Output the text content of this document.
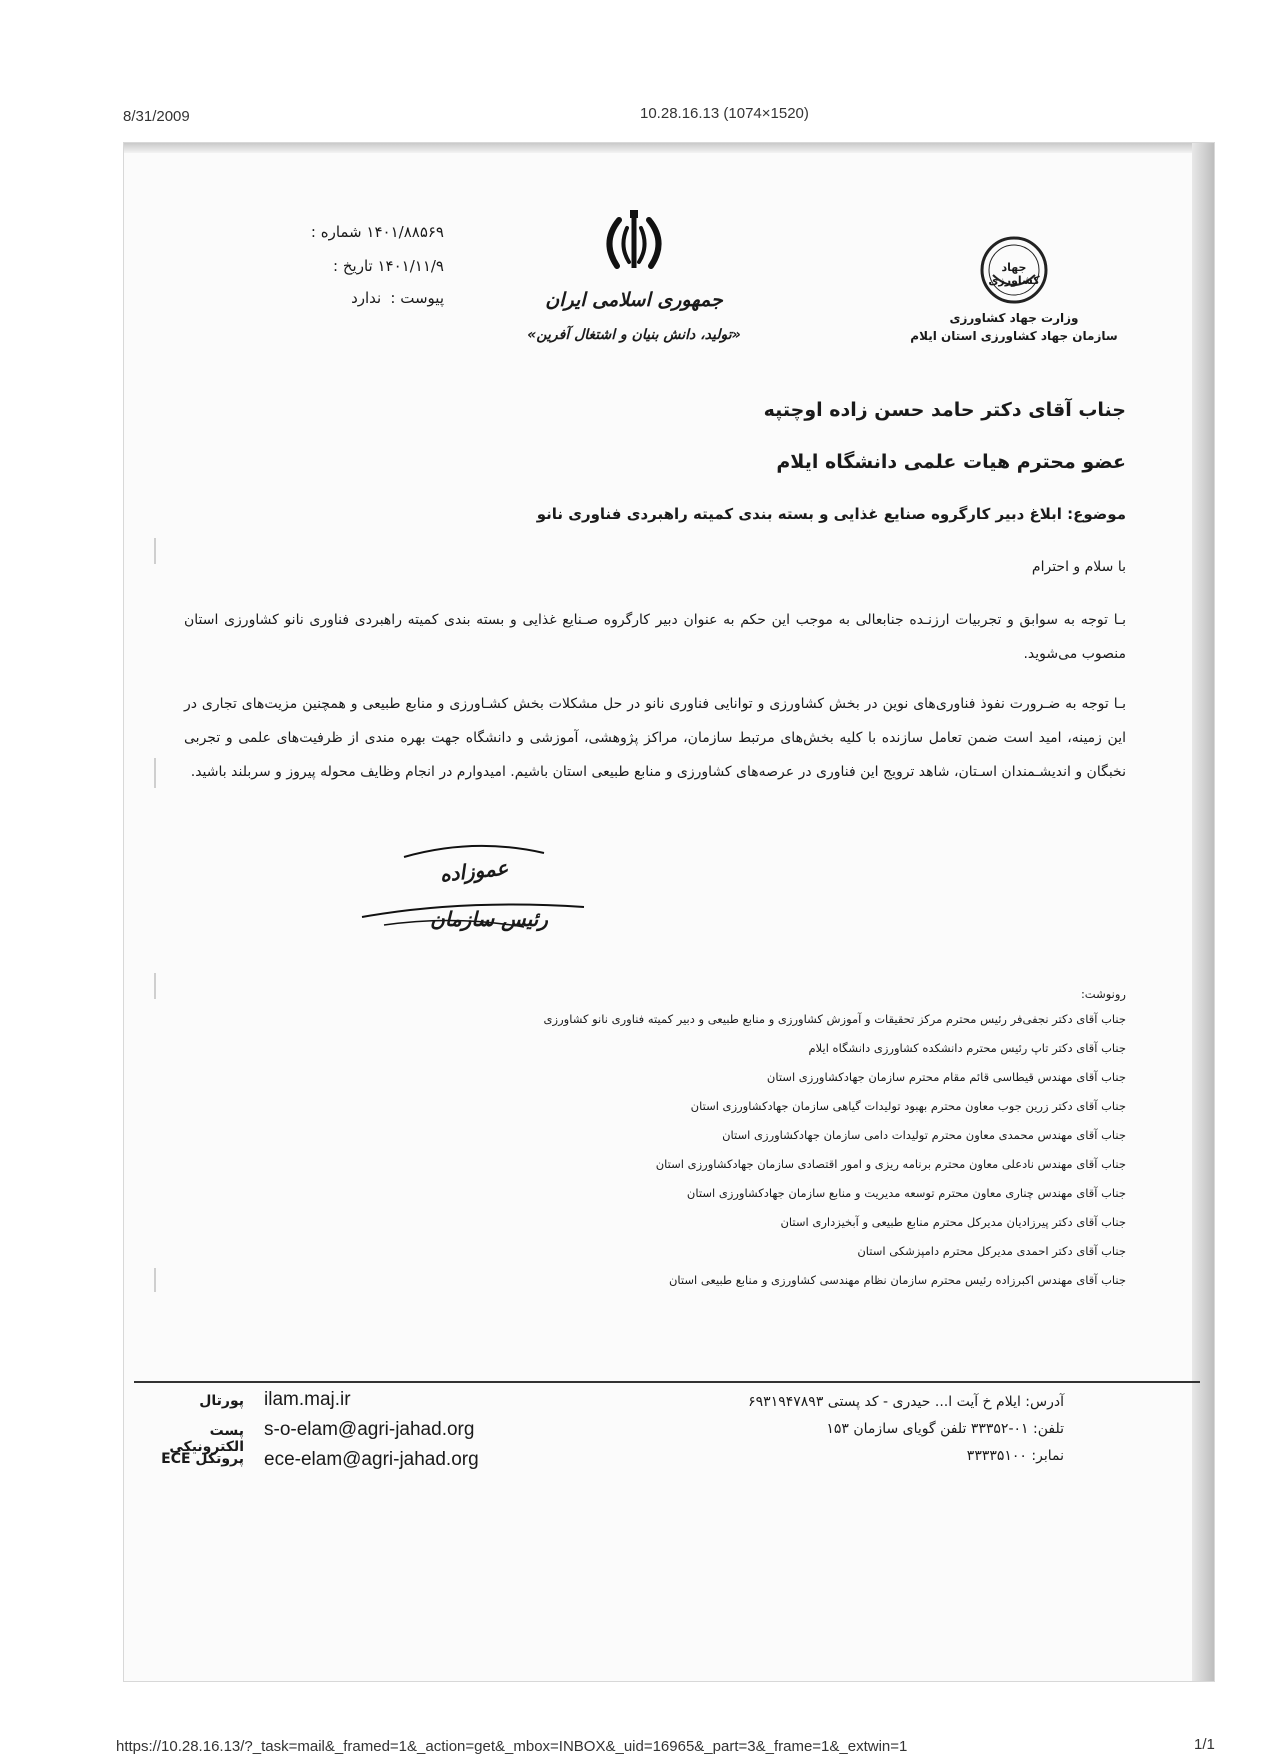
8/31/2009	10.28.16.13 (1074×1520)
جهاد کشاورزی
وزارت جهاد کشاورزی
سازمان جهاد کشاورزی استان ایلام
جمهوری اسلامی ایران
«تولید، دانش بنیان و اشتغال آفرین»
شماره : ۱۴۰۱/۸۸۵۶۹
تاریخ : ۱۴۰۱/۱۱/۹
پیوست : ندارد
جناب آقای دکتر حامد حسن زاده اوچتپه
عضو محترم هیات علمی دانشگاه ایلام
موضوع: ابلاغ دبیر کارگروه صنایع غذایی و بسته بندی کمیته راهبردی فناوری نانو
با سلام و احترام
بـا توجه به سوابق و تجربیات ارزنـده جنابعالی به موجب این حکم به عنوان دبیر کارگروه صـنایع غذایی و بسته بندی کمیته راهبردی فناوری نانو کشاورزی استان منصوب می‌شوید.
بـا توجه به ضـرورت نفوذ فناوری‌های نوین در بخش کشاورزی و توانایی فناوری نانو در حل مشکلات بخش کشـاورزی و منابع طبیعی و همچنین مزیت‌های تجاری در این زمینه، امید است ضمن تعامل سازنده با کلیه بخش‌های مرتبط سازمان، مراکز پژوهشی، آموزشی و دانشگاه جهت بهره مندی از ظرفیت‌های علمی و تجربی نخبگان و اندیشـمندان اسـتان، شاهد ترویج این فناوری در عرصه‌های کشاورزی و منابع طبیعی استان باشیم. امیدوارم در انجام وظایف محوله پیروز و سربلند باشید.
عموزاده
رئیس سازمان
رونوشت:
جناب آقای دکتر نجفی‌فر رئیس محترم مرکز تحقیقات و آموزش کشاورزی و منابع طبیعی و دبیر کمیته فناوری نانو کشاورزی
جناب آقای دکتر تاپ رئیس محترم دانشکده کشاورزی دانشگاه ایلام
جناب آقای مهندس قیطاسی قائم مقام محترم سازمان جهادکشاورزی استان
جناب آقای دکتر زرین جوب معاون محترم بهبود تولیدات گیاهی سازمان جهادکشاورزی استان
جناب آقای مهندس محمدی معاون محترم تولیدات دامی سازمان جهادکشاورزی استان
جناب آقای مهندس نادعلی معاون محترم برنامه ریزی و امور اقتصادی سازمان جهادکشاورزی استان
جناب آقای مهندس چناری معاون محترم توسعه مدیریت و منابع سازمان جهادکشاورزی استان
جناب آقای دکتر پیرزادیان مدیرکل محترم منابع طبیعی و آبخیزداری استان
جناب آقای دکتر احمدی مدیرکل محترم دامپزشکی استان
جناب آقای مهندس اکبرزاده رئیس محترم سازمان نظام مهندسی کشاورزی و منابع طبیعی استان
ilam.maj.ir
پورتال
s-o-elam@agri-jahad.org
پست الکترونیکی
ece-elam@agri-jahad.org
پروتکل ECE
آدرس: ایلام خ آیت ا... حیدری - کد پستی ۶۹۳۱۹۴۷۸۹۳
تلفن: ۰۱-۳۳۳۵۲ تلفن گویای سازمان ۱۵۳
نمابر: ۳۳۳۳۵۱۰۰
https://10.28.16.13/?_task=mail&_framed=1&_action=get&_mbox=INBOX&_uid=16965&_part=3&_frame=1&_extwin=1	1/1
